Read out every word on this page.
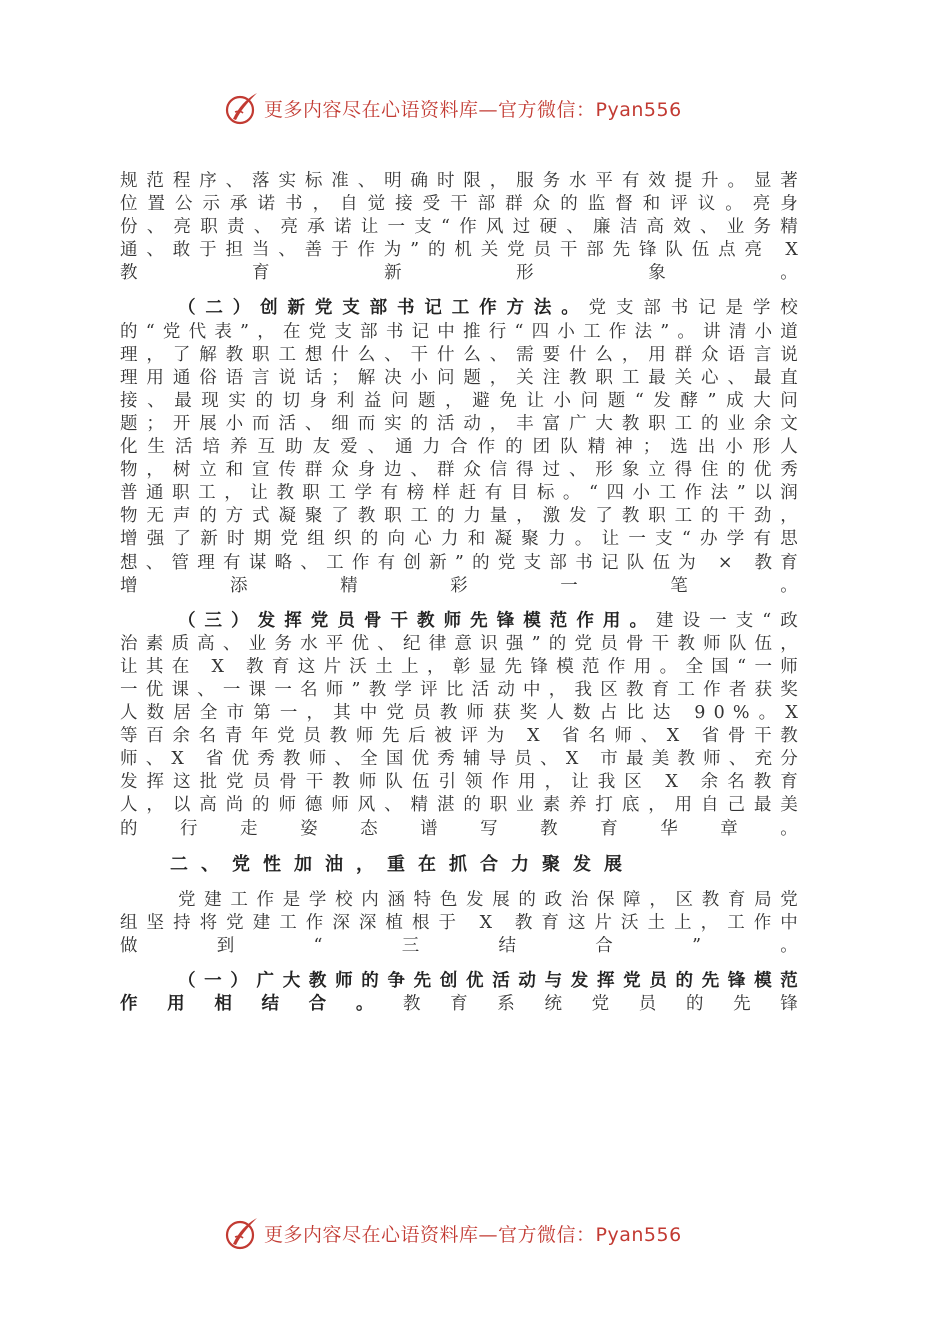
更多内容尽在心语资料库—官方微信：Pyan556

规范程序、落实标准、明确时限，服务水平有效提升。显著位置公示承诺书，自觉接受干部群众的监督和评议。亮身份、亮职责、亮承诺让一支“作风过硬、廉洁高效、业务精通、敢于担当、善于作为”的机关党员干部先锋队伍点亮 X 教育新形象。

（二）创新党支部书记工作方法。党支部书记是学校的“党代表”，在党支部书记中推行“四小工作法”。讲清小道理，了解教职工想什么、干什么、需要什么，用群众语言说理用通俗语言说话；解决小问题，关注教职工最关心、最直接、最现实的切身利益问题，避免让小问题“发酵”成大问题；开展小而活、细而实的活动，丰富广大教职工的业余文化生活培养互助友爱、通力合作的团队精神；选出小形人物，树立和宣传群众身边、群众信得过、形象立得住的优秀普通职工，让教职工学有榜样赶有目标。“四小工作法”以润物无声的方式凝聚了教职工的力量，激发了教职工的干劲，增强了新时期党组织的向心力和凝聚力。让一支“办学有思想、管理有谋略、工作有创新”的党支部书记队伍为 × 教育增添精彩一笔。

（三）发挥党员骨干教师先锋模范作用。建设一支“政治素质高、业务水平优、纪律意识强”的党员骨干教师队伍，让其在 X 教育这片沃土上，彰显先锋模范作用。全国“一师一优课、一课一名师”教学评比活动中，我区教育工作者获奖人数居全市第一，其中党员教师获奖人数占比达 90%。X 等百余名青年党员教师先后被评为 X 省名师、X 省骨干教师、X 省优秀教师、全国优秀辅导员、X 市最美教师、充分发挥这批党员骨干教师队伍引领作用，让我区 X 余名教育人，以高尚的师德师风、精湛的职业素养打底，用自己最美的行走姿态谱写教育华章。

二、党性加油，重在抓合力聚发展

党建工作是学校内涵特色发展的政治保障，区教育局党组坚持将党建工作深深植根于 X 教育这片沃土上，工作中做到“三结合”。

（一）广大教师的争先创优活动与发挥党员的先锋模范作用相结合。教育系统党员的先锋

更多内容尽在心语资料库—官方微信：Pyan556
